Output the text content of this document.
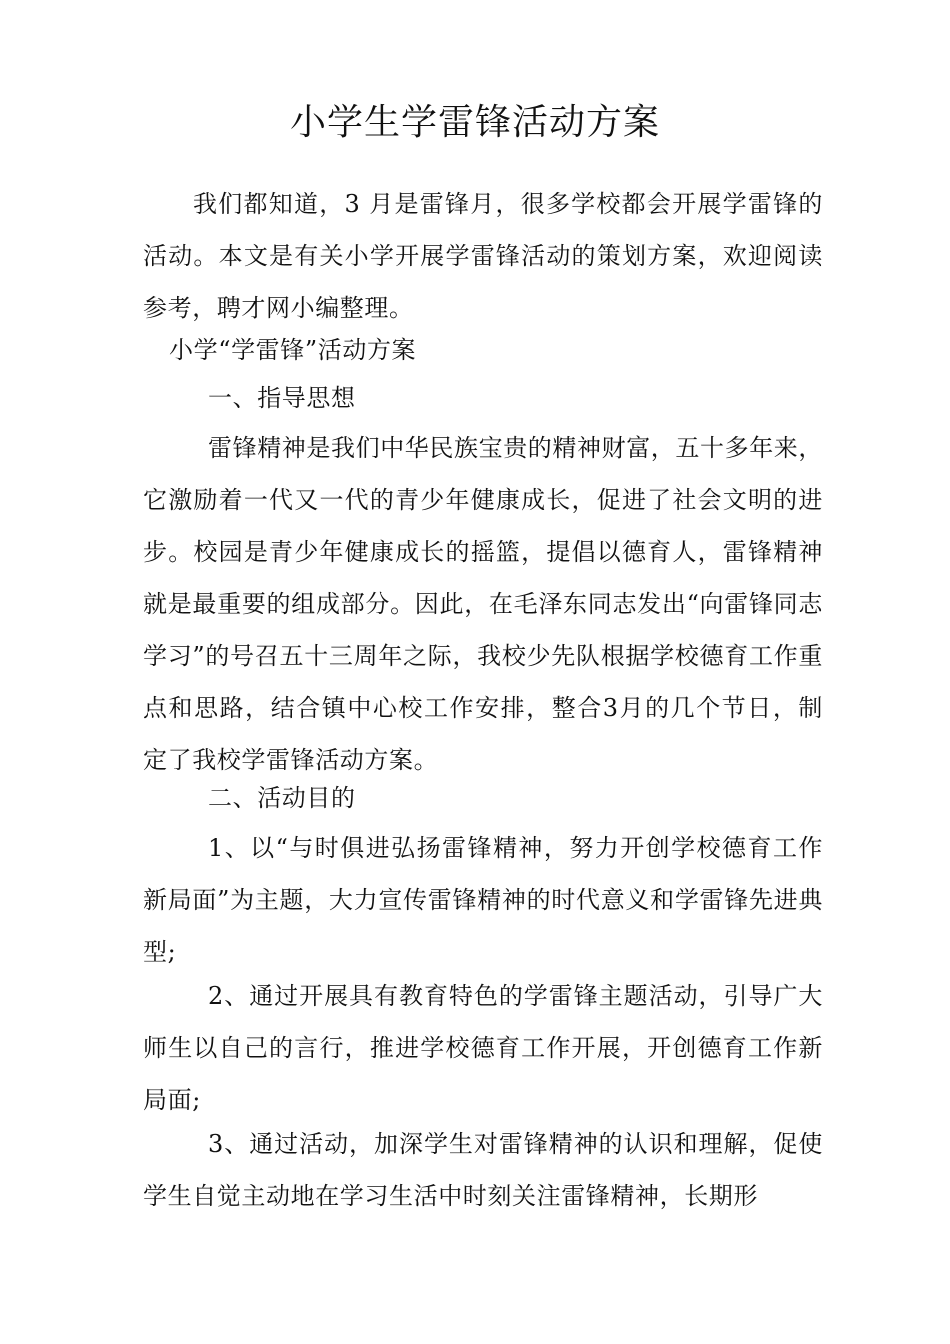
小学生学雷锋活动方案

我们都知道，3 月是雷锋月，很多学校都会开展学雷锋的活动。本文是有关小学开展学雷锋活动的策划方案，欢迎阅读参考，聘才网小编整理。

小学“学雷锋”活动方案

一、指导思想

雷锋精神是我们中华民族宝贵的精神财富，五十多年来，它激励着一代又一代的青少年健康成长，促进了社会文明的进步。校园是青少年健康成长的摇篮，提倡以德育人，雷锋精神就是最重要的组成部分。因此，在毛泽东同志发出“向雷锋同志学习”的号召五十三周年之际，我校少先队根据学校德育工作重点和思路，结合镇中心校工作安排，整合3月的几个节日，制定了我校学雷锋活动方案。

二、活动目的

1、以“与时俱进弘扬雷锋精神，努力开创学校德育工作新局面”为主题，大力宣传雷锋精神的时代意义和学雷锋先进典型;

2、通过开展具有教育特色的学雷锋主题活动，引导广大师生以自己的言行，推进学校德育工作开展，开创德育工作新局面;

3、通过活动，加深学生对雷锋精神的认识和理解，促使学生自觉主动地在学习生活中时刻关注雷锋精神，长期形
